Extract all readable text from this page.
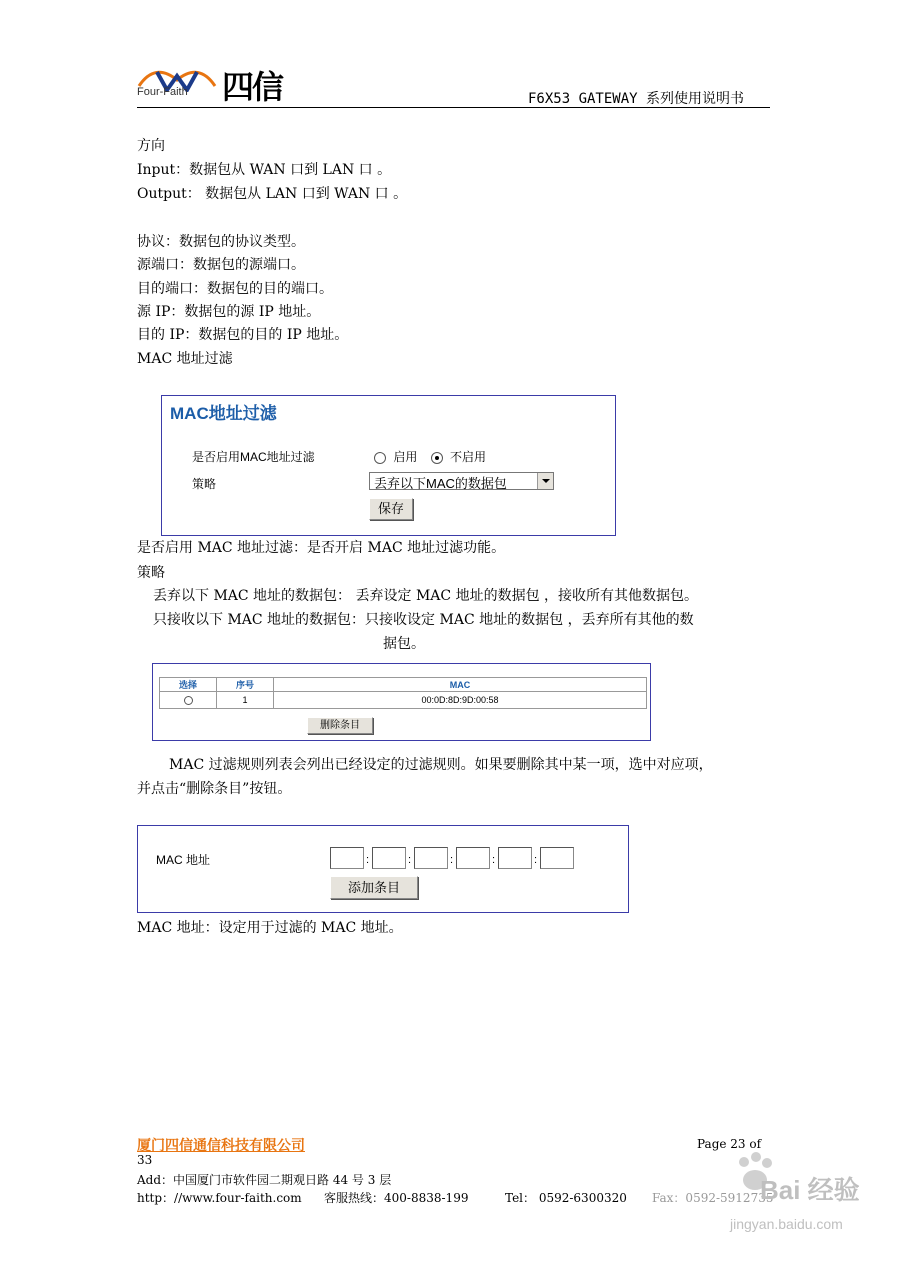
Four-Faith 四信	F6X53 GATEWAY 系列使用说明书
方向
Input：数据包从 WAN 口到 LAN 口 。
Output： 数据包从 LAN 口到 WAN 口 。
协议：数据包的协议类型。
源端口：数据包的源端口。
目的端口：数据包的目的端口。
源 IP：数据包的源 IP 地址。
目的 IP：数据包的目的 IP 地址。
MAC 地址过滤
MAC地址过滤
是否启用MAC地址过滤	启用	不启用
策略	丢弃以下MAC的数据包
保存
是否启用 MAC 地址过滤：是否开启 MAC 地址过滤功能。
策略
丢弃以下 MAC 地址的数据包： 丢弃设定 MAC 地址的数据包 ，接收所有其他数据包。
只接收以下 MAC 地址的数据包：只接收设定 MAC 地址的数据包 ，丢弃所有其他的数
据包。
选择	序号	MAC
	1	00:0D:8D:9D:00:58
删除条目
MAC 过滤规则列表会列出已经设定的过滤规则。如果要删除其中某一项，选中对应项，
并点击“删除条目”按钮。
MAC 地址	:	:	:	:	:
添加条目
MAC 地址：设定用于过滤的 MAC 地址。
厦门四信通信科技有限公司	Page 23 of
33
Add：中国厦门市软件园二期观日路 44 号 3 层
http：//www.four-faith.com 客服热线：400-8838-199	Tel： 0592-6300320 Fax：0592-5912735
Bai 经验
jingyan.baidu.com
